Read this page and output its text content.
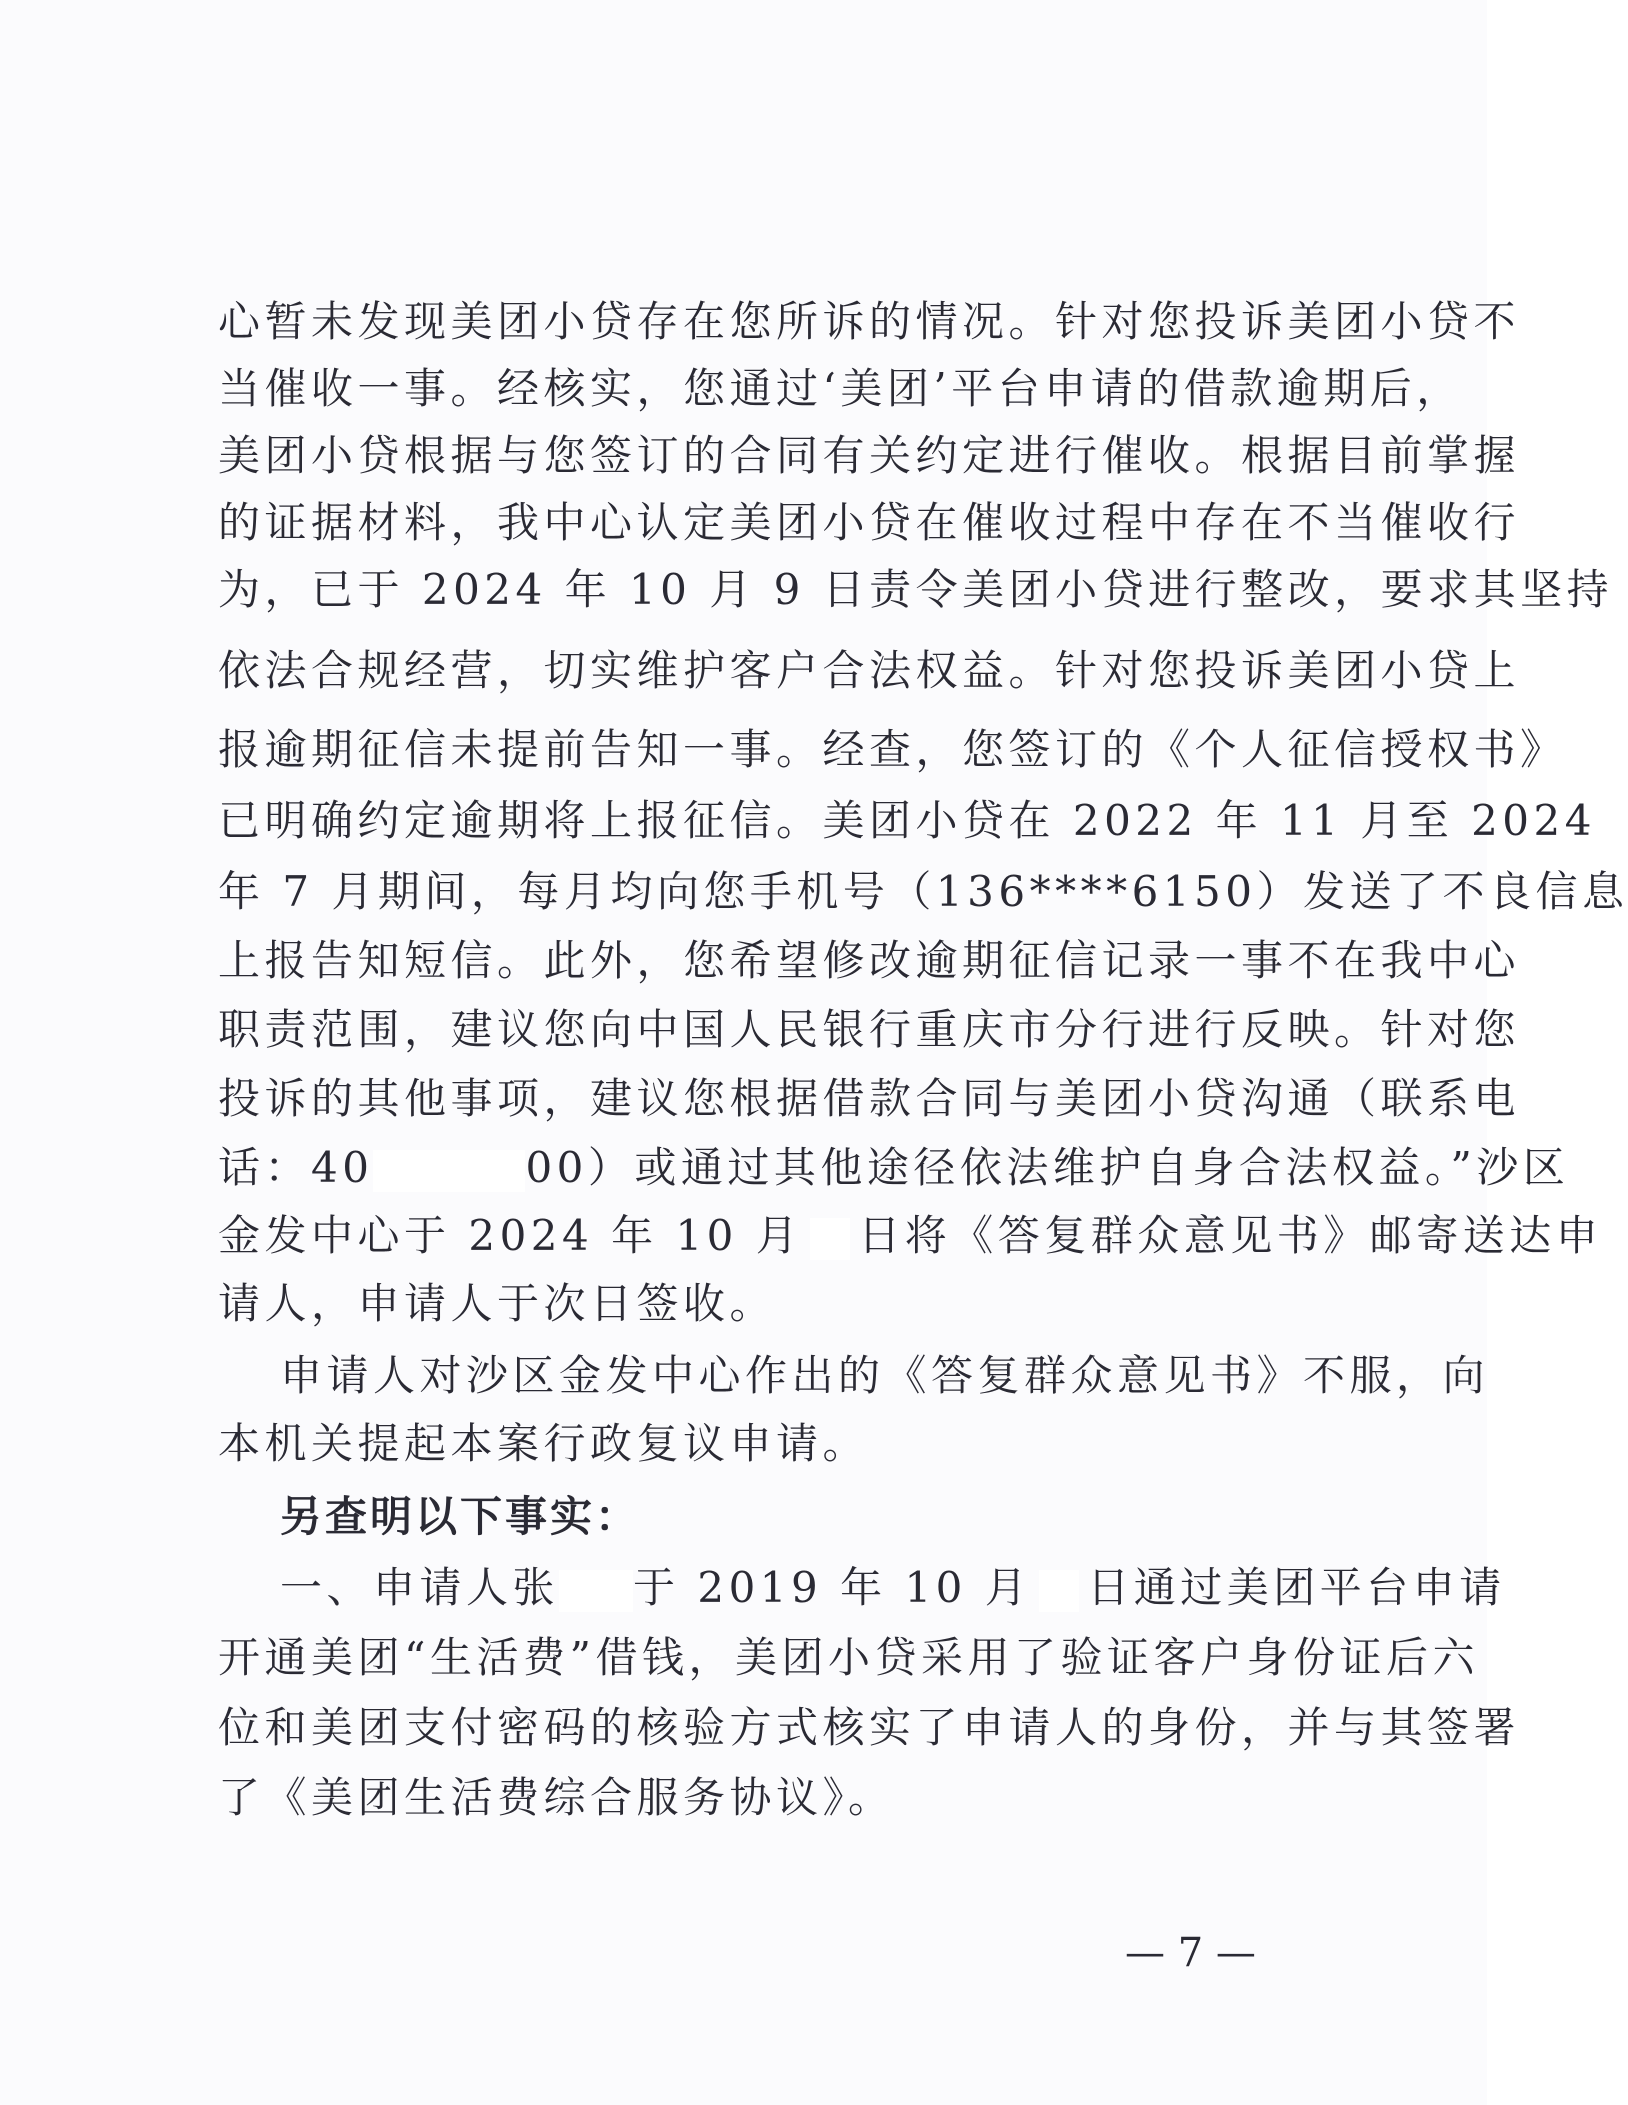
心暂未发现美团小贷存在您所诉的情况。针对您投诉美团小贷不
当催收一事。经核实，您通过‘美团’平台申请的借款逾期后，
美团小贷根据与您签订的合同有关约定进行催收。根据目前掌握
的证据材料，我中心认定美团小贷在催收过程中存在不当催收行
为，已于 2024 年 10 月 9 日责令美团小贷进行整改，要求其坚持
依法合规经营，切实维护客户合法权益。针对您投诉美团小贷上
报逾期征信未提前告知一事。经查，您签订的《个人征信授权书》
已明确约定逾期将上报征信。美团小贷在 2022 年 11 月至 2024
年 7 月期间，每月均向您手机号（136****6150）发送了不良信息
上报告知短信。此外，您希望修改逾期征信记录一事不在我中心
职责范围，建议您向中国人民银行重庆市分行进行反映。针对您
投诉的其他事项，建议您根据借款合同与美团小贷沟通（联系电
话：40	00）或通过其他途径依法维护自身合法权益。”沙区
金发中心于 2024 年 10 月 日将《答复群众意见书》邮寄送达申
请人，申请人于次日签收。
申请人对沙区金发中心作出的《答复群众意见书》不服，向
本机关提起本案行政复议申请。
另查明以下事实：
一、申请人张 于 2019 年 10 月 日通过美团平台申请
开通美团“生活费”借钱，美团小贷采用了验证客户身份证后六
位和美团支付密码的核验方式核实了申请人的身份，并与其签署
了《美团生活费综合服务协议》。
— 7 —
